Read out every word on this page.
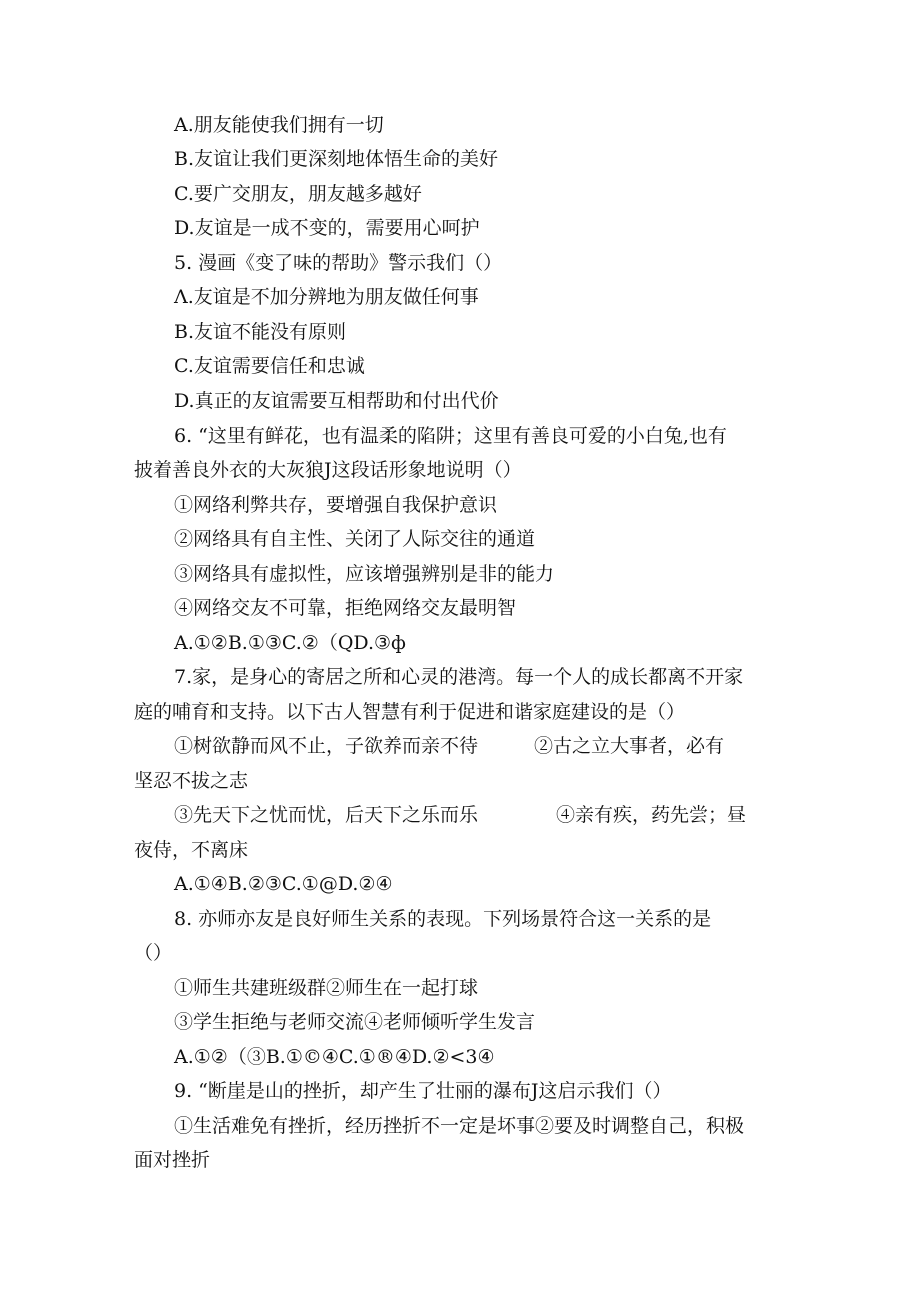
A.朋友能使我们拥有一切
B.友谊让我们更深刻地体悟生命的美好
C.要广交朋友，朋友越多越好
D.友谊是一成不变的，需要用心呵护
5. 漫画《变了味的帮助》警示我们（）
Λ.友谊是不加分辨地为朋友做任何事
B.友谊不能没有原则
C.友谊需要信任和忠诚
D.真正的友谊需要互相帮助和付出代价
6. “这里有鲜花，也有温柔的陷阱；这里有善良可爱的小白兔,也有
披着善良外衣的大灰狼J这段话形象地说明（）
①网络利弊共存，要增强自我保护意识
②网络具有自主性、关闭了人际交往的通道
③网络具有虚拟性，应该增强辨别是非的能力
④网络交友不可靠，拒绝网络交友最明智
A.①②B.①③C.②（QD.③ф
7.家，是身心的寄居之所和心灵的港湾。每一个人的成长都离不开家
庭的哺育和支持。以下古人智慧有利于促进和谐家庭建设的是（）
①树欲静而风不止，子欲养而亲不待	②古之立大事者，必有
坚忍不拔之志
③先天下之忧而忧，后天下之乐而乐	④亲有疾，药先尝；昼
夜侍，不离床
A.①④B.②③C.①@D.②④
8. 亦师亦友是良好师生关系的表现。下列场景符合这一关系的是
（）
①师生共建班级群②师生在一起打球
③学生拒绝与老师交流④老师倾听学生发言
A.①②（③B.①©④C.①®④D.②<3④
9. “断崖是山的挫折，却产生了壮丽的瀑布J这启示我们（）
①生活难免有挫折，经历挫折不一定是坏事②要及时调整自己，积极
面对挫折
